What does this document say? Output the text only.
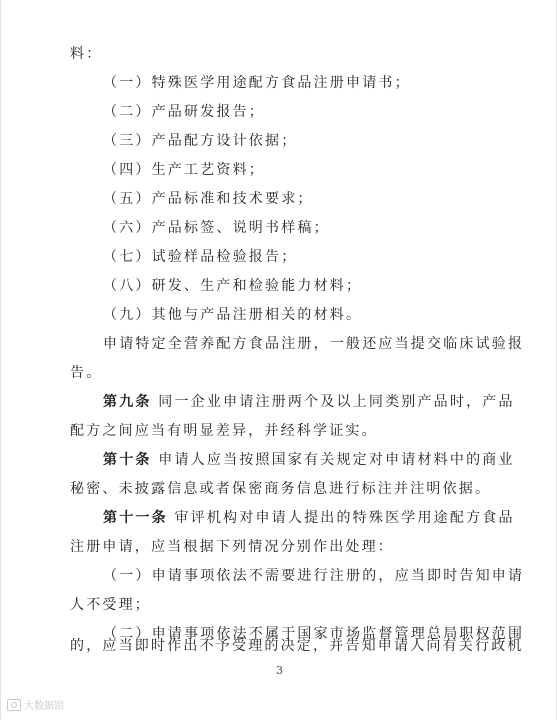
料：
（一）特殊医学用途配方食品注册申请书；
（二）产品研发报告；
（三）产品配方设计依据；
（四）生产工艺资料；
（五）产品标准和技术要求；
（六）产品标签、说明书样稿；
（七）试验样品检验报告；
（八）研发、生产和检验能力材料；
（九）其他与产品注册相关的材料。
申请特定全营养配方食品注册，一般还应当提交临床试验报
告。
第九条 同一企业申请注册两个及以上同类别产品时，产品
配方之间应当有明显差异，并经科学证实。
第十条 申请人应当按照国家有关规定对申请材料中的商业
秘密、未披露信息或者保密商务信息进行标注并注明依据。
第十一条 审评机构对申请人提出的特殊医学用途配方食品
注册申请，应当根据下列情况分别作出处理：
（一）申请事项依法不需要进行注册的，应当即时告知申请
人不受理；
（二）申请事项依法不属于国家市场监督管理总局职权范围
的，应当即时作出不予受理的决定，并告知申请人向有关行政机
3
大数据馆
